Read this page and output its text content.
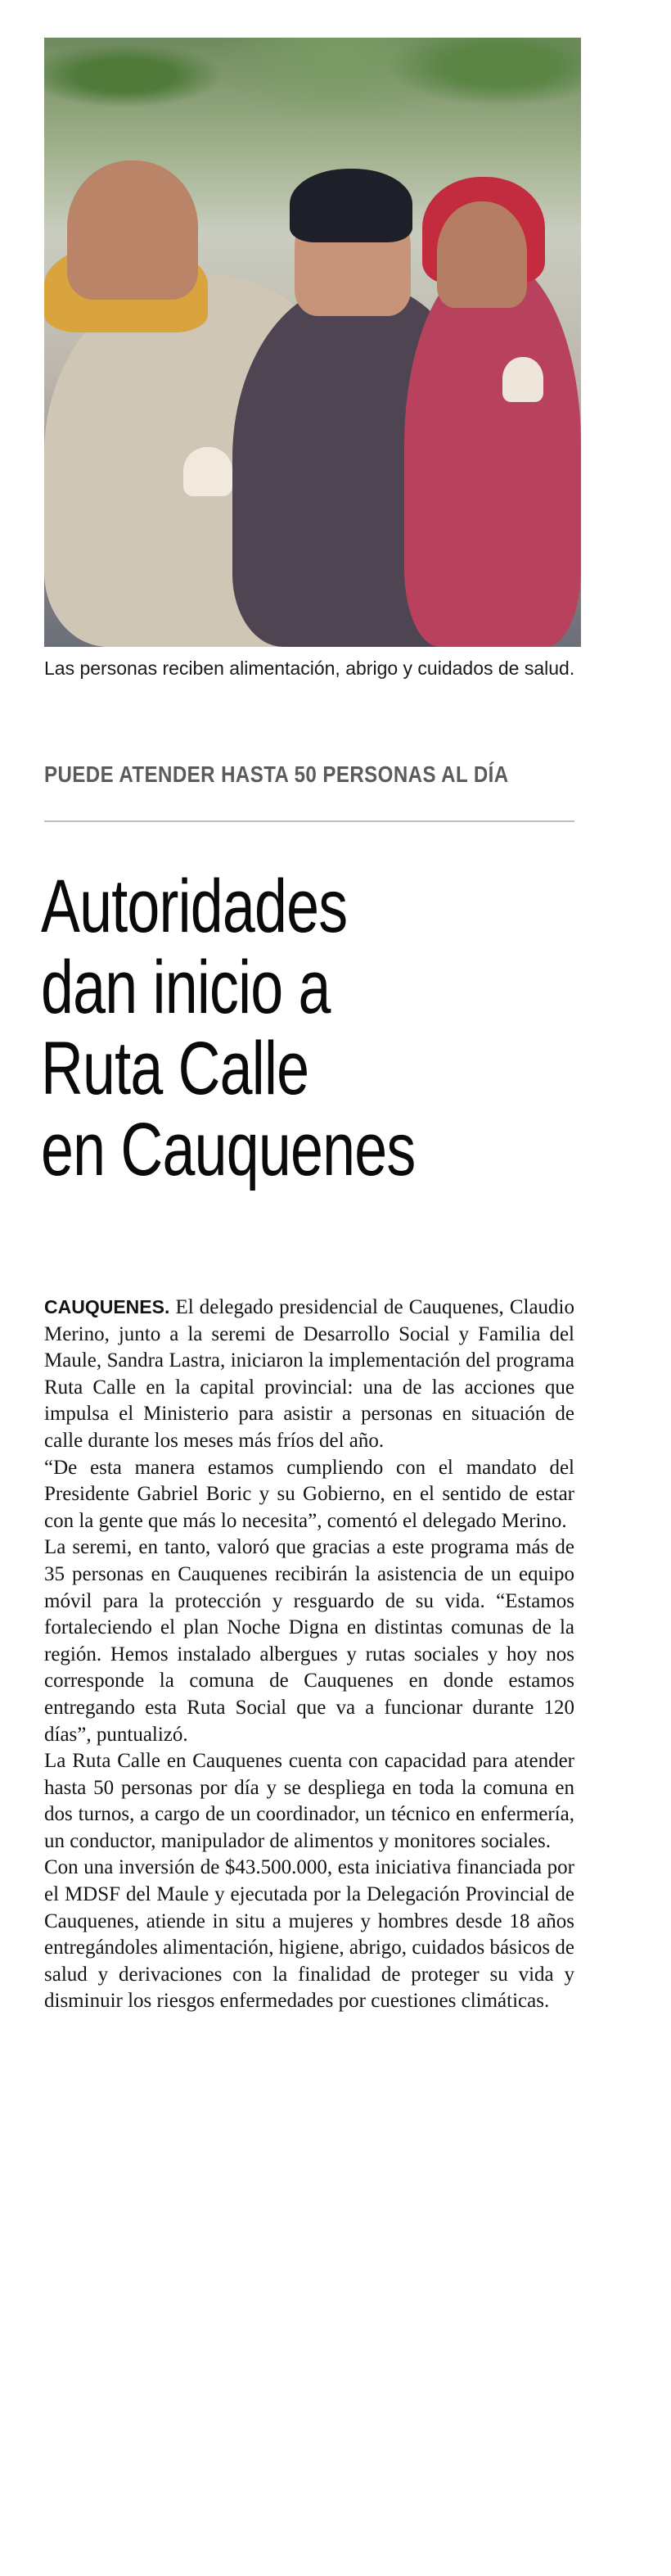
Las personas reciben alimentación, abrigo y cuidados de salud.
PUEDE ATENDER HASTA 50 PERSONAS AL DÍA
Autoridades
dan inicio a
Ruta Calle
en Cauquenes

CAUQUENES. El delegado presidencial de Cauquenes, Claudio Merino, junto a la seremi de Desarrollo Social y Familia del Maule, Sandra Lastra, iniciaron la implementación del programa Ruta Calle en la capital provincial: una de las acciones que impulsa el Ministerio para asistir a personas en situación de calle durante los meses más fríos del año.

“De esta manera estamos cumpliendo con el mandato del Presidente Gabriel Boric y su Gobierno, en el sentido de estar con la gente que más lo necesita”, comentó el delegado Merino.

La seremi, en tanto, valoró que gracias a este programa más de 35 personas en Cauquenes recibirán la asistencia de un equipo móvil para la protección y resguardo de su vida. “Estamos fortaleciendo el plan Noche Digna en distintas comunas de la región. Hemos instalado albergues y rutas sociales y hoy nos corresponde la comuna de Cauquenes en donde estamos entregando esta Ruta Social que va a funcionar durante 120 días”, puntualizó.

La Ruta Calle en Cauquenes cuenta con capacidad para atender hasta 50 personas por día y se despliega en toda la comuna en dos turnos, a cargo de un coordinador, un técnico en enfermería, un conductor, manipulador de alimentos y monitores sociales.

Con una inversión de $43.500.000, esta iniciativa financiada por el MDSF del Maule y ejecutada por la Delegación Provincial de Cauquenes, atiende in situ a mujeres y hombres desde 18 años entregándoles alimentación, higiene, abrigo, cuidados básicos de salud y derivaciones con la finalidad de proteger su vida y disminuir los riesgos enfermedades por cuestiones climáticas.
